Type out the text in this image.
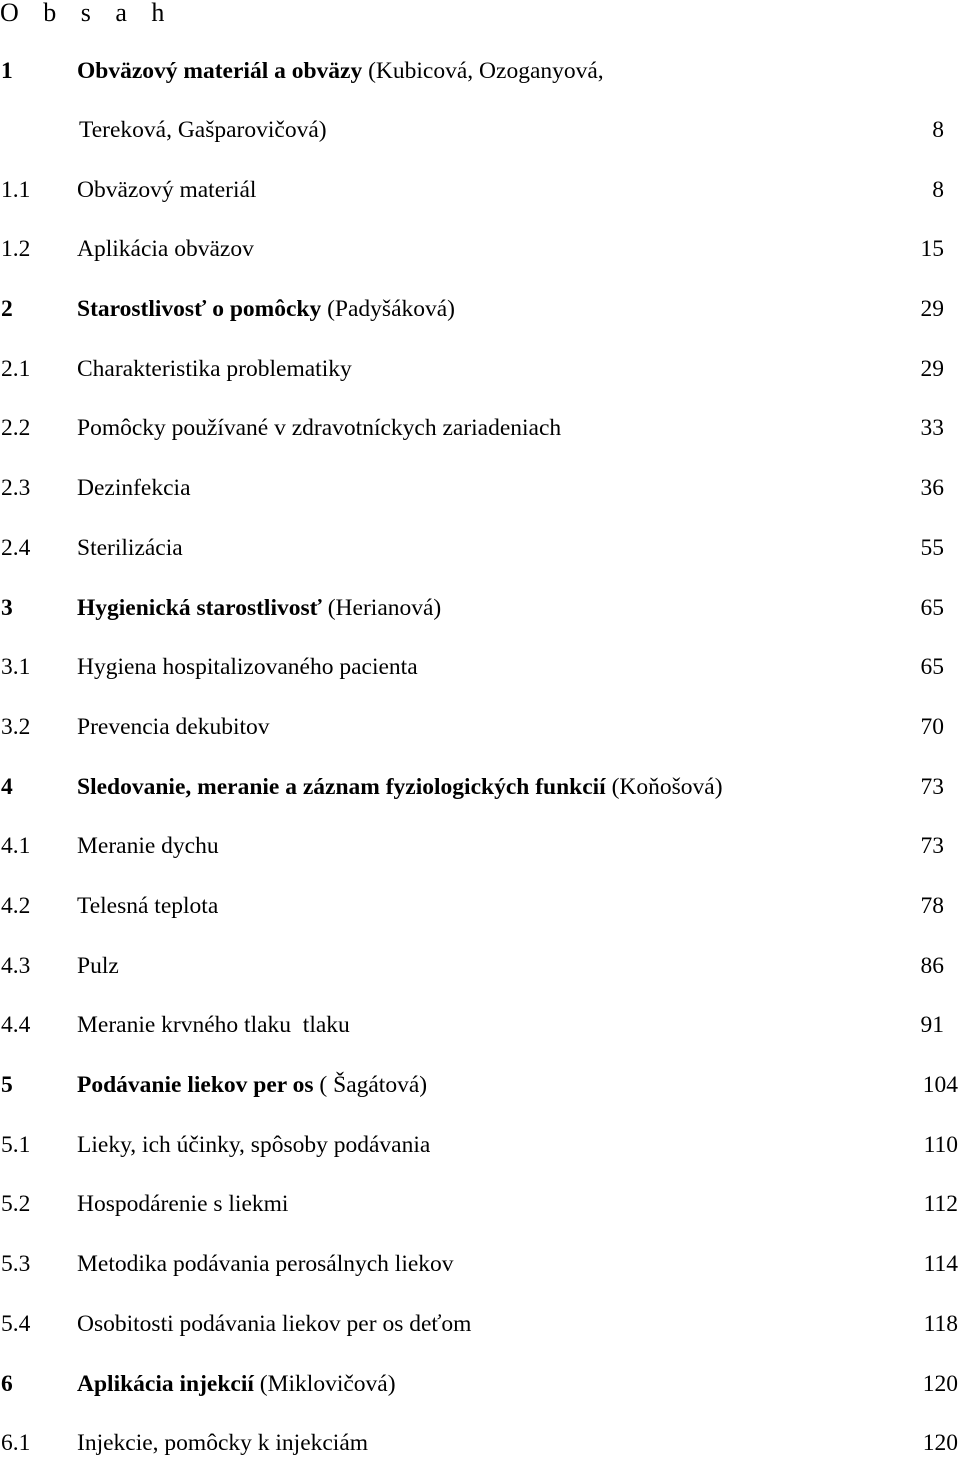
O b s a h
1	Obväzový materiál a obväzy (Kubicová, Ozoganyová,
Tereková, Gašparovičová)	8
1.1 Obväzový materiál	8
1.2 Aplikácia obväzov	15
2	Starostlivosť o pomôcky (Padyšáková)	29
2.1 Charakteristika problematiky	29
2.2 Pomôcky používané v zdravotníckych zariadeniach	33
2.3 Dezinfekcia	36
2.4 Sterilizácia	55
3	Hygienická starostlivosť (Herianová)	65
3.1 Hygiena hospitalizovaného pacienta	65
3.2 Prevencia dekubitov	70
4	Sledovanie, meranie a záznam fyziologických funkcií (Koňošová)	73
4.1 Meranie dychu	73
4.2 Telesná teplota	78
4.3 Pulz	86
4.4 Meranie krvného tlaku  tlaku	91
5	Podávanie liekov per os ( Šagátová)	104
5.1 Lieky, ich účinky, spôsoby podávania	110
5.2 Hospodárenie s liekmi	112
5.3 Metodika podávania perosálnych liekov	114
5.4 Osobitosti podávania liekov per os deťom	118
6	Aplikácia injekcií (Miklovičová)	120
6.1 Injekcie, pomôcky k injekciám	120
